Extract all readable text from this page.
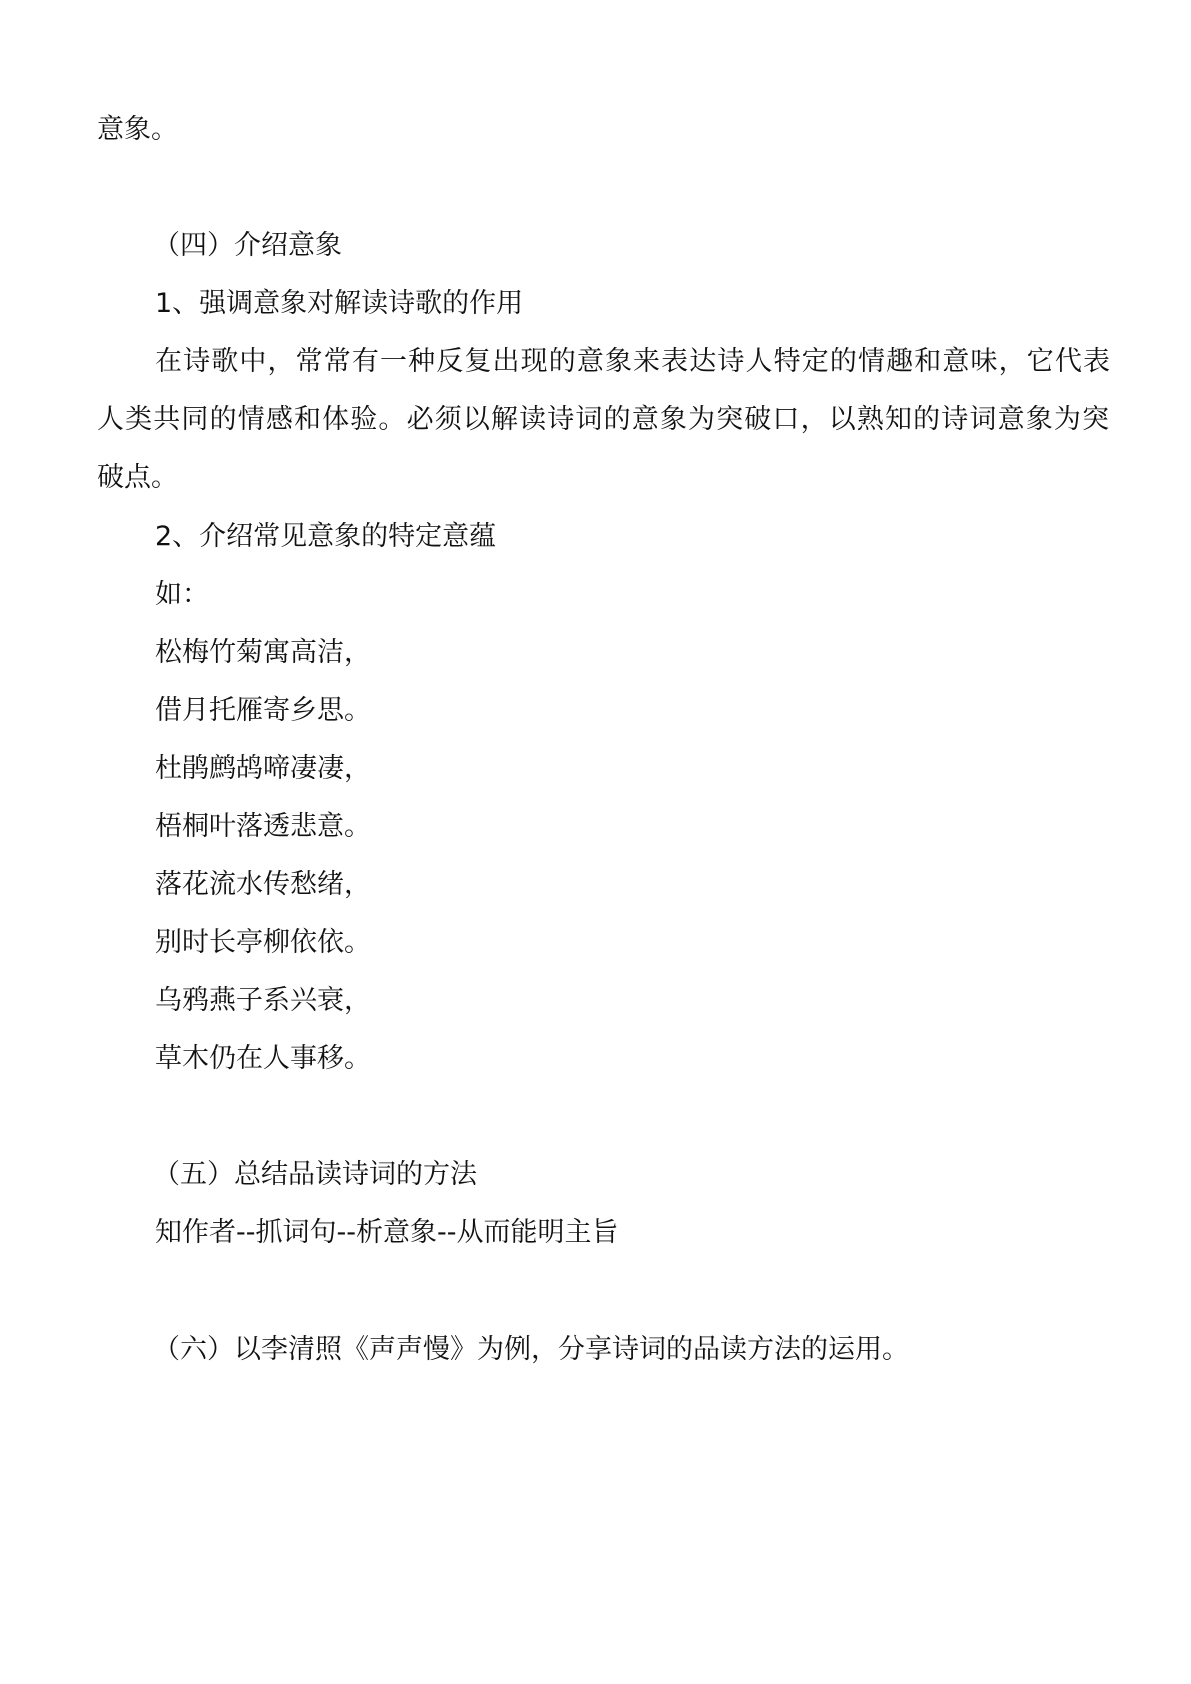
意象。
（四）介绍意象
1、强调意象对解读诗歌的作用
在诗歌中，常常有一种反复出现的意象来表达诗人特定的情趣和意味，它代表
人类共同的情感和体验。必须以解读诗词的意象为突破口，以熟知的诗词意象为突
破点。
2、介绍常见意象的特定意蕴
如：
松梅竹菊寓高洁，
借月托雁寄乡思。
杜鹃鹧鸪啼凄凄，
梧桐叶落透悲意。
落花流水传愁绪，
别时长亭柳依依。
乌鸦燕子系兴衰，
草木仍在人事移。
（五）总结品读诗词的方法
知作者--抓词句--析意象--从而能明主旨
（六）以李清照《声声慢》为例，分享诗词的品读方法的运用。
